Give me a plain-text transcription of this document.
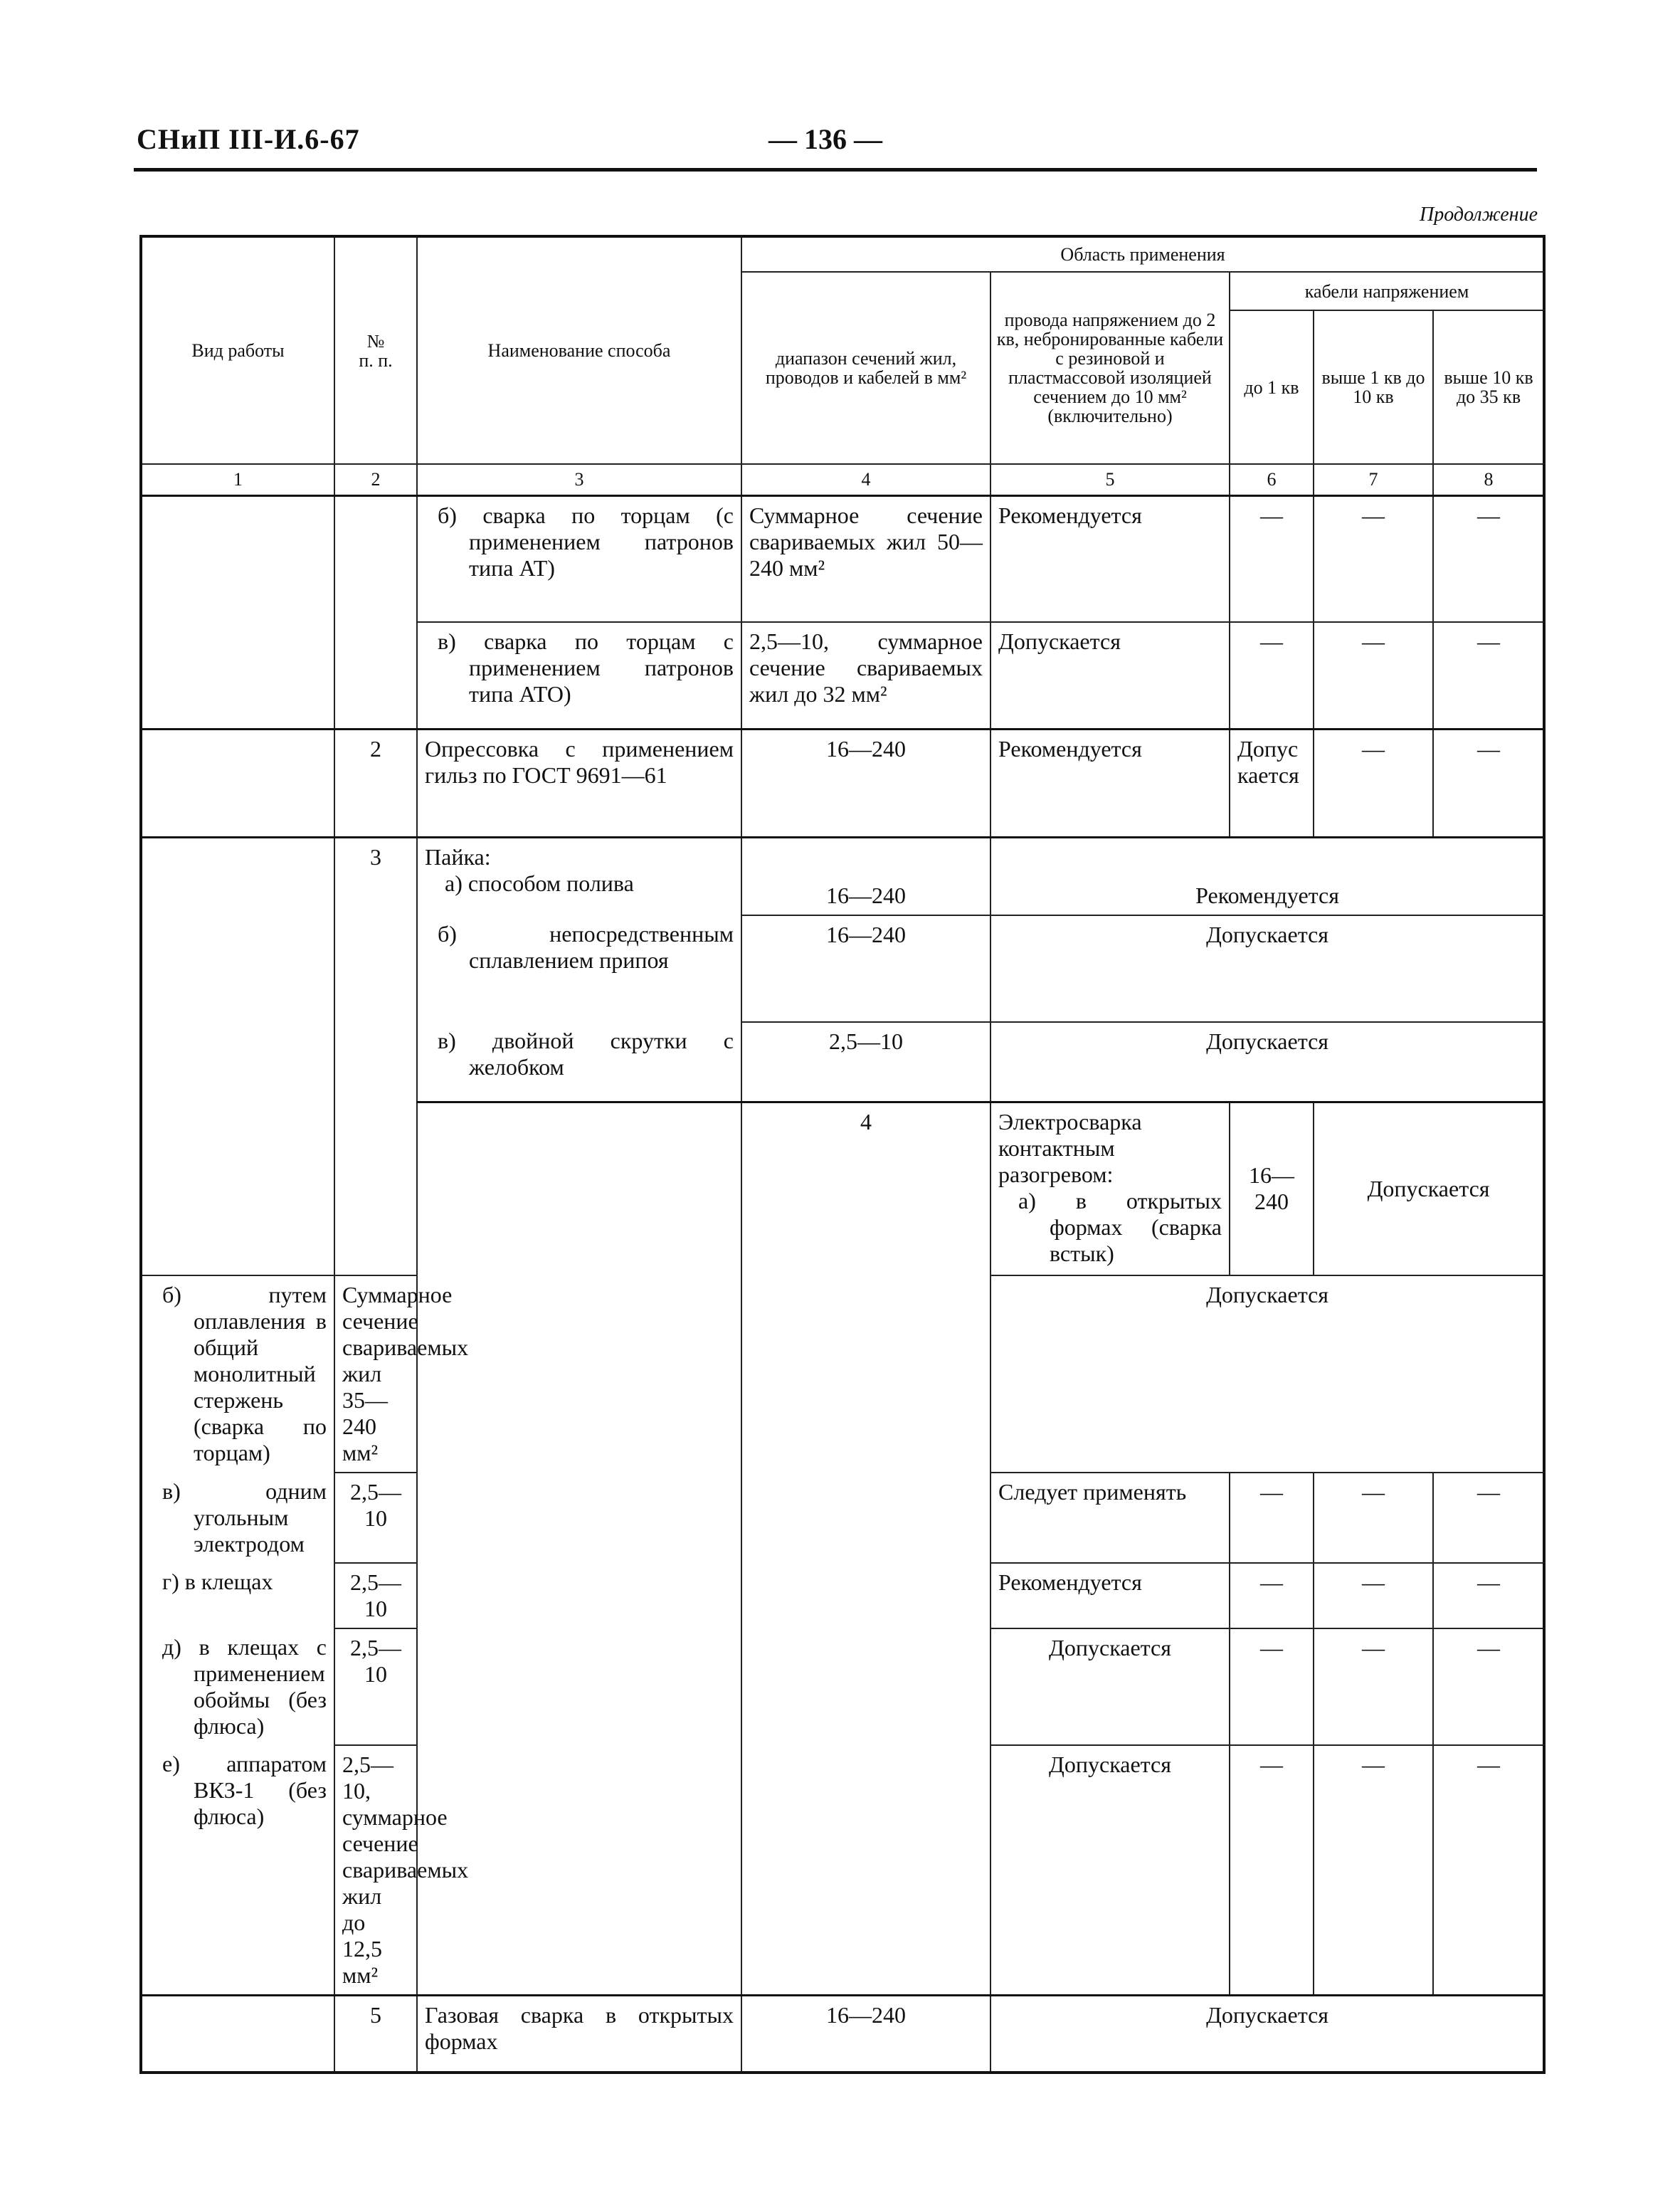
СНиП III-И.6-67	— 136 —
Продолжение
Вид работы	№
п. п.	Наименование способа	Область применения				
			диапазон сечений жил, проводов и кабелей в мм²	провода напряжением до 2 кв, небронированные кабели с резиновой и пластмассовой изоляцией сечением до 10 мм² (включительно)	кабели напряжением		
					до 1 кв	выше 1 кв до 10 кв	выше 10 кв до 35 кв
1	2	3	4	5	6	7	8
		б) сварка по торцам (с применением патронов типа АТ)	Суммарное сечение свариваемых жил 50—240 мм²	Рекомендуется	—	—	—
		в) сварка по торцам с применением патронов типа АТО)	2,5—10, суммарное сечение свариваемых жил до 32 мм²	Допускается	—	—	—
	2	Опрессовка с применением гильз по ГОСТ 9691—61	16—240	Рекомендуется	Допускается	—	—
	3	Пайка:
а) способом полива	16—240	Рекомендуется			
		б) непосредственным сплавлением припоя	16—240	Допускается			
		в) двойной скрутки с желобком	2,5—10	Допускается			
			4	Электросварка контактным разогревом:
а) в открытых формах (сварка встык)	16—240	Допускается	
б) путем оплавления в общий монолитный стержень (сварка по торцам)	Суммарное сечение свариваемых жил 35—240 мм²			Допускается			
в) одним угольным электродом	2,5—10			Следует применять	—	—	—
г) в клещах	2,5—10			Рекомендуется	—	—	—
д) в клещах с применением обоймы (без флюса)	2,5—10			Допускается	—	—	—
е) аппаратом ВКЗ-1 (без флюса)	2,5—10, суммарное сечение свариваемых жил до 12,5 мм²			Допускается	—	—	—
	5	Газовая сварка в открытых формах	16—240	Допускается			
